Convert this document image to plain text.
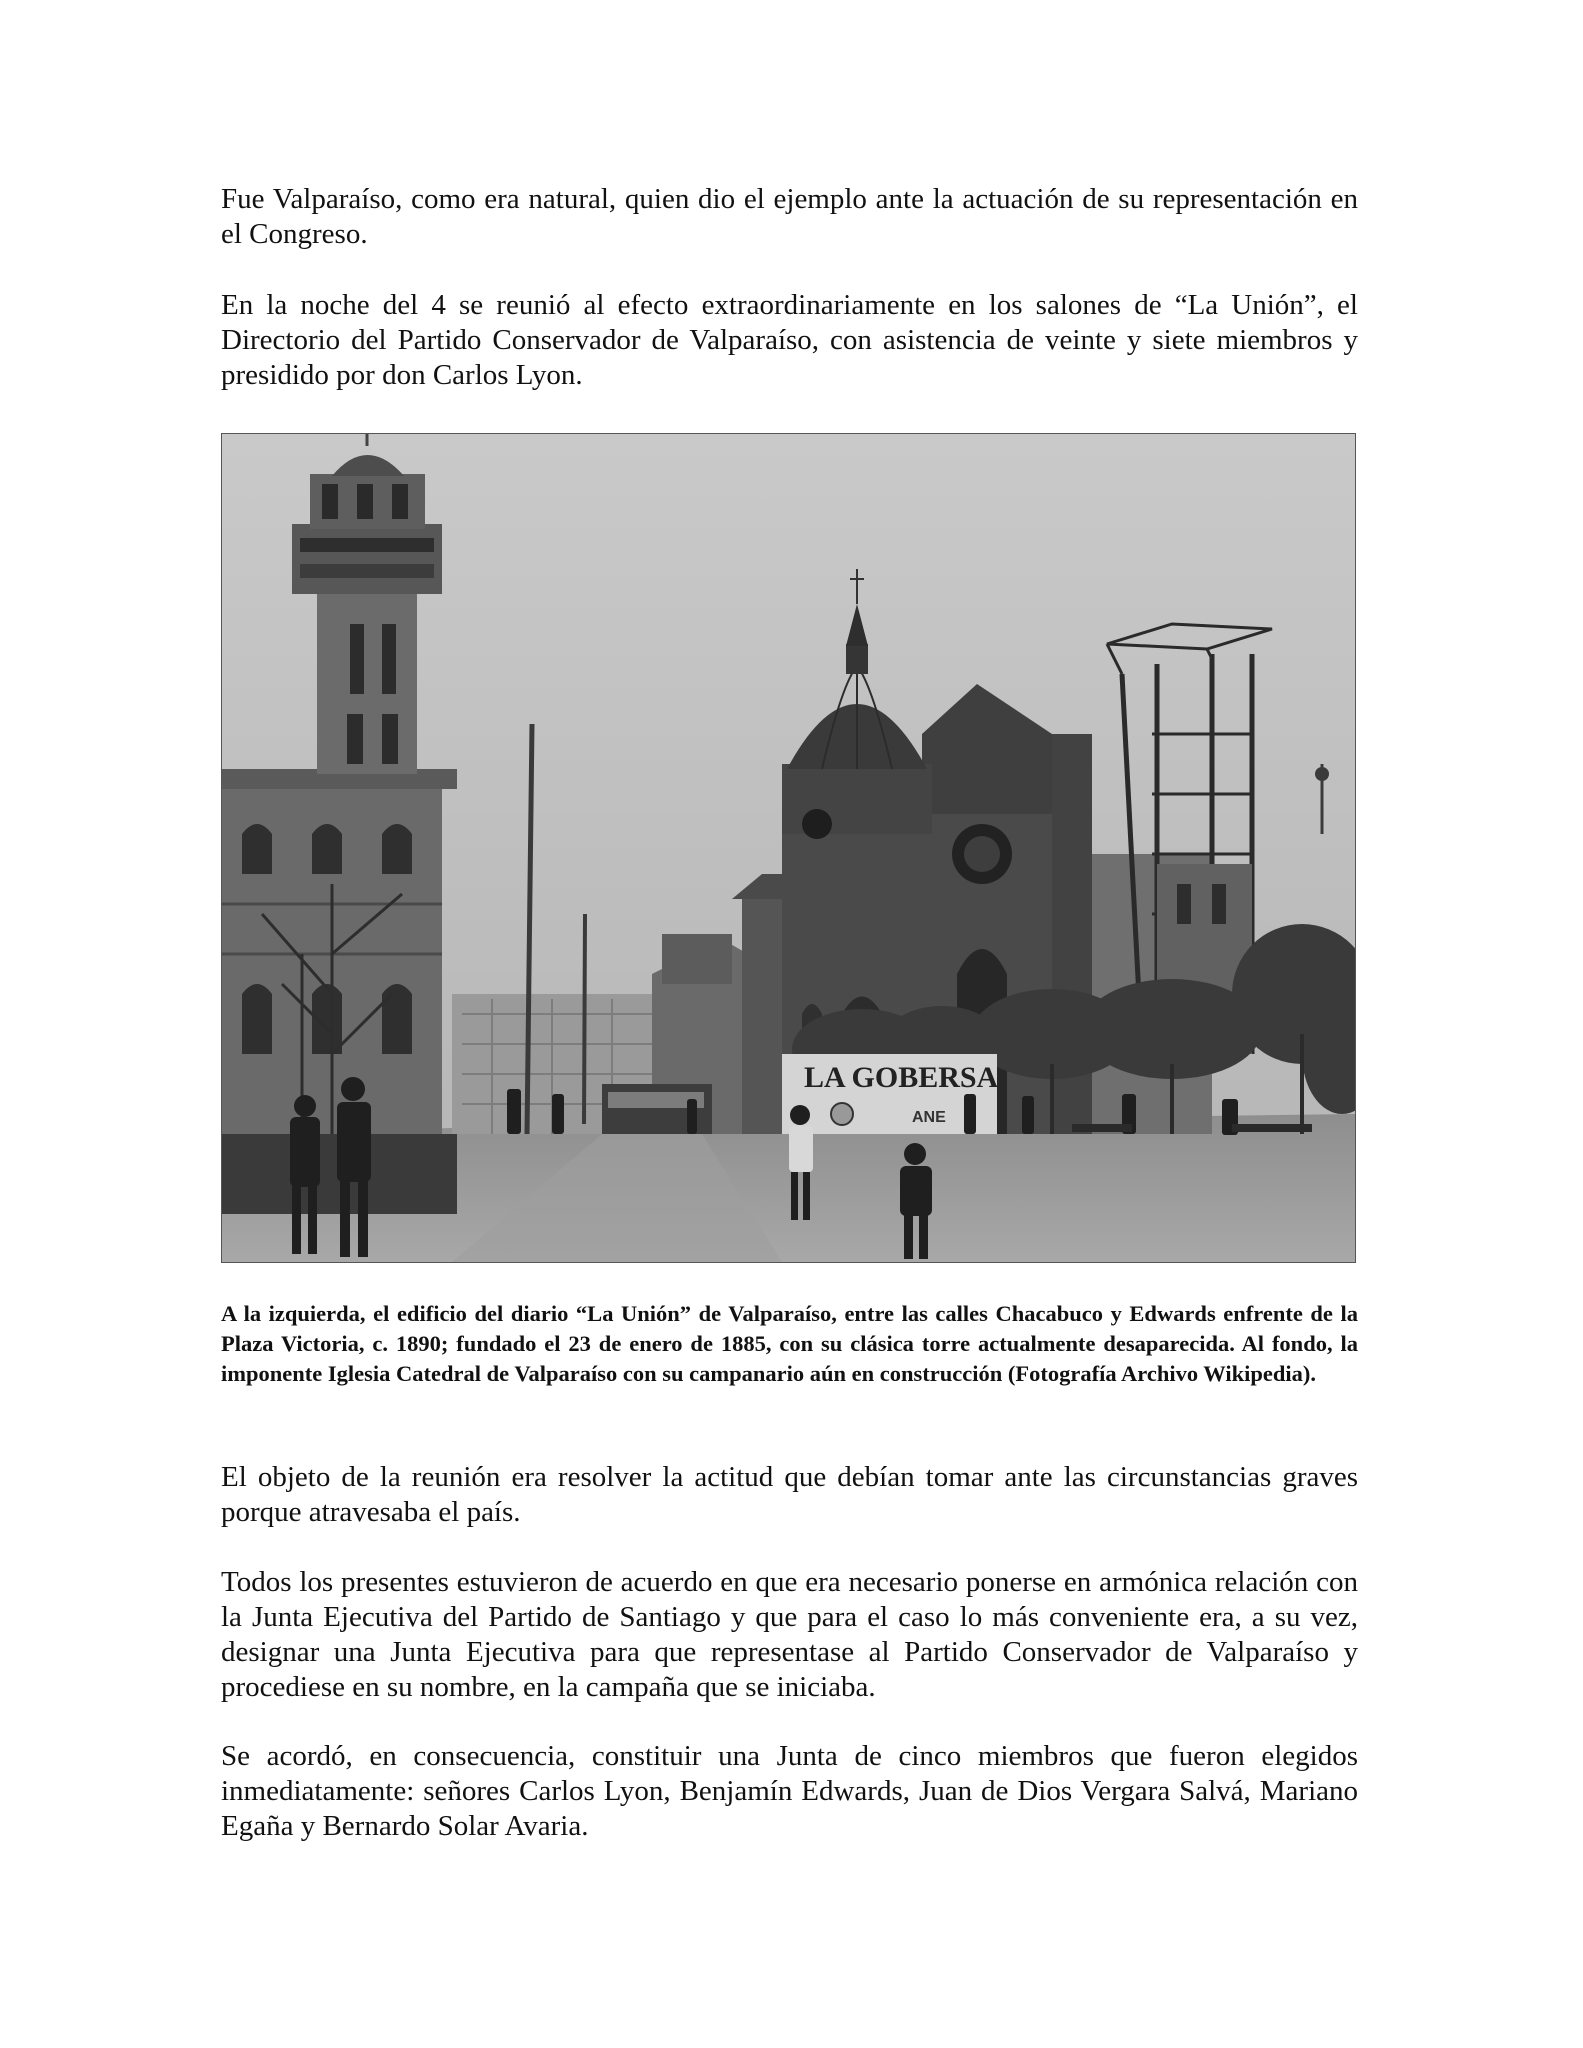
Fue Valparaíso, como era natural, quien dio el ejemplo ante la actuación de su representación en el Congreso.

En la noche del 4 se reunió al efecto extraordinariamente en los salones de “La Unión”, el Directorio del Partido Conservador de Valparaíso, con asistencia de veinte y siete miembros y presidido por don Carlos Lyon.

LA GOBERSA
ANE

A la izquierda, el edificio del diario “La Unión” de Valparaíso, entre las calles Chacabuco y Edwards enfrente de la Plaza Victoria, c. 1890; fundado el 23 de enero de 1885, con su clásica torre actualmente desaparecida. Al fondo, la imponente Iglesia Catedral de Valparaíso con su campanario aún en construcción (Fotografía Archivo Wikipedia).

El objeto de la reunión era resolver la actitud que debían tomar ante las circunstancias graves porque atravesaba el país.

Todos los presentes estuvieron de acuerdo en que era necesario ponerse en armónica relación con la Junta Ejecutiva del Partido de Santiago y que para el caso lo más conveniente era, a su vez, designar una Junta Ejecutiva para que representase al Partido Conservador de Valparaíso y procediese en su nombre, en la campaña que se iniciaba.

Se acordó, en consecuencia, constituir una Junta de cinco miembros que fueron elegidos inmediatamente: señores Carlos Lyon, Benjamín Edwards, Juan de Dios Vergara Salvá, Mariano Egaña y Bernardo Solar Avaria.
